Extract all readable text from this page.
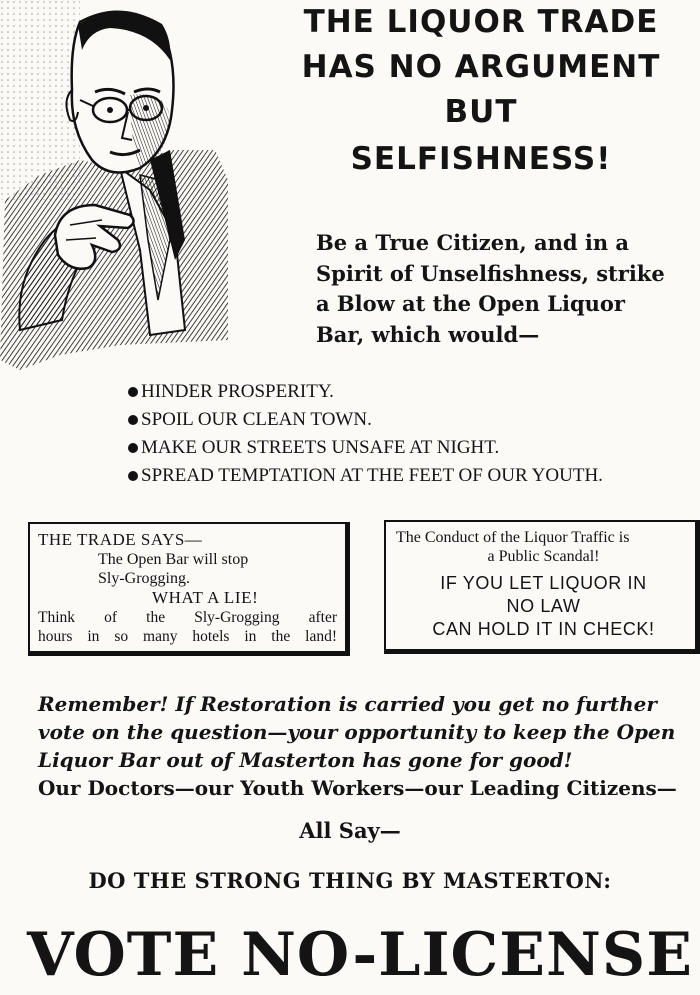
THE LIQUOR TRADE
HAS NO ARGUMENT
BUT
SELFISHNESS!
Be a True Citizen, and in a
Spirit of Unselfishness, strike
a Blow at the Open Liquor
Bar, which would—
HINDER PROSPERITY.
SPOIL OUR CLEAN TOWN.
MAKE OUR STREETS UNSAFE AT NIGHT.
SPREAD TEMPTATION AT THE FEET OF OUR YOUTH.
THE TRADE SAYS—
The Open Bar will stop
Sly-Grogging.
WHAT A LIE!
Think of the Sly-Grogging after
hours in so many hotels in the land!
The Conduct of the Liquor Traffic is
a Public Scandal!
IF YOU LET LIQUOR IN
NO LAW
CAN HOLD IT IN CHECK!
Remember! If Restoration is carried you get no further
vote on the question—your opportunity to keep the Open
Liquor Bar out of Masterton has gone for good!
Our Doctors—our Youth Workers—our Leading Citizens—
All Say—
DO THE STRONG THING BY MASTERTON:
VOTE NO-LICENSE
